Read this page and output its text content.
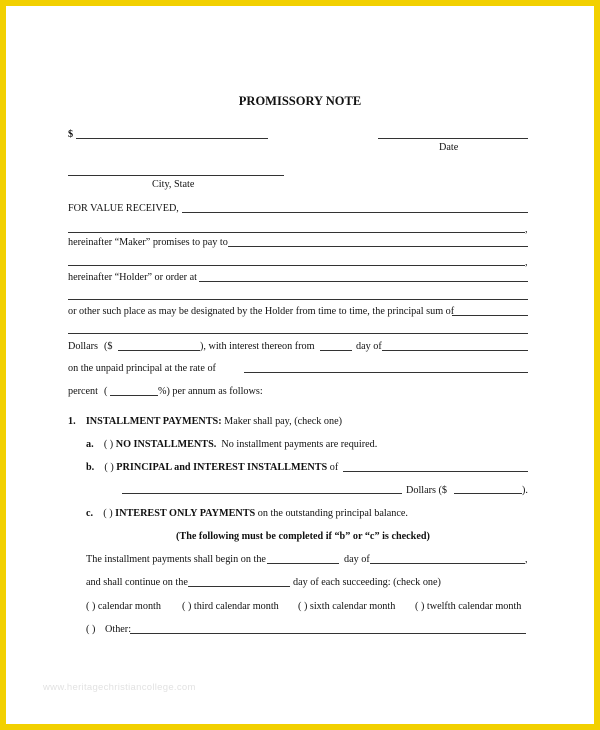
PROMISSORY NOTE
$
Date
City, State
FOR VALUE RECEIVED,
,
hereinafter “Maker” promises to pay to
,
hereinafter “Holder” or order at
or other such place as may be designated by the Holder from time to time, the principal sum of
Dollars ($	), with interest thereon from	day of
on the unpaid principal at the rate of
percent (	%) per annum as follows:
1. INSTALLMENT PAYMENTS: Maker shall pay, (check one)
a. ( ) NO INSTALLMENTS. No installment payments are required.
b. ( ) PRINCIPAL and INTEREST INSTALLMENTS of
Dollars ($	).
c. ( ) INTEREST ONLY PAYMENTS on the outstanding principal balance.
(The following must be completed if “b” or “c” is checked)
The installment payments shall begin on the	day of	,
and shall continue on the	day of each succeeding: (check one)
( ) calendar month ( ) third calendar month ( ) sixth calendar month ( ) twelfth calendar month
( ) Other:
www.heritagechristiancollege.com
